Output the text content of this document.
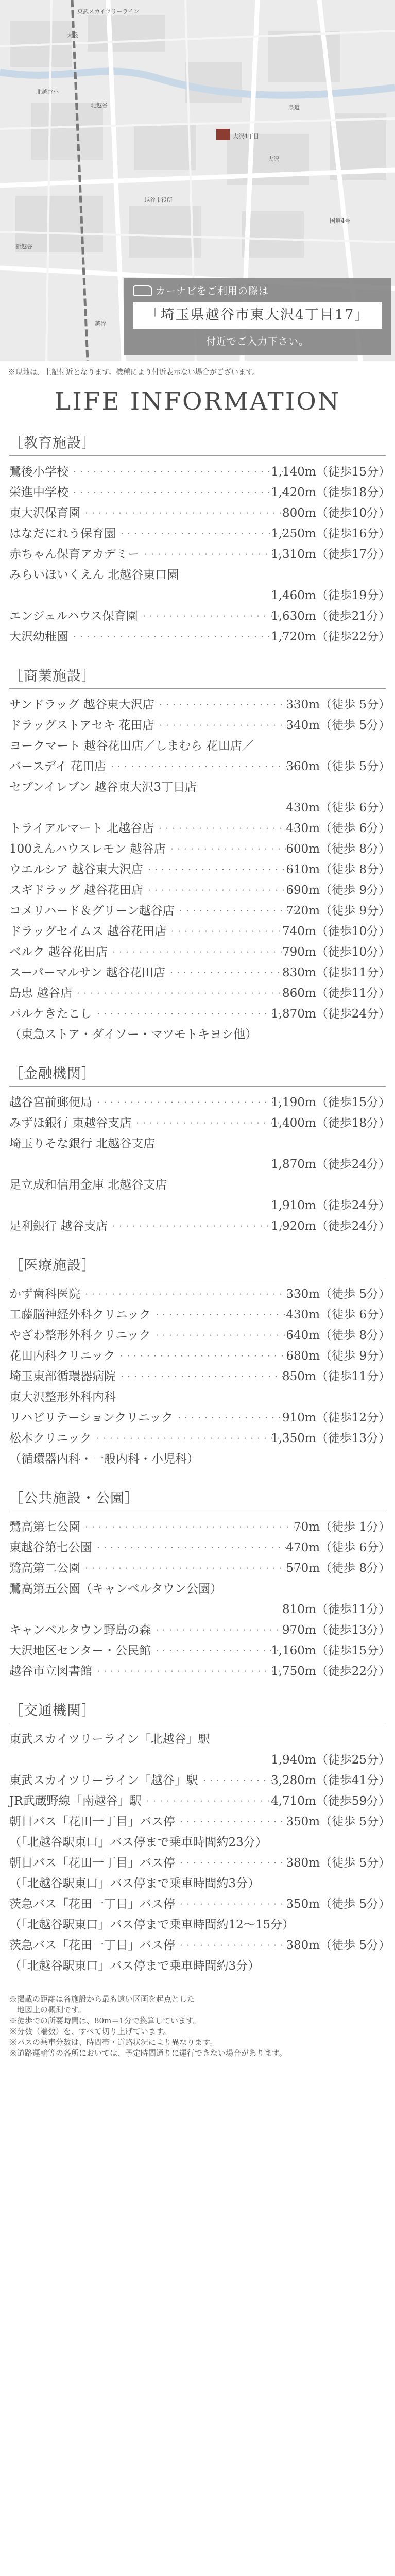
東武スカイツリーライン
北越谷
越谷
大沢
新越谷
北越谷小
大袋
県道
国道4号
越谷市役所
大沢4丁目
カーナビをご利用の際は
「埼玉県越谷市東大沢4丁目17」
付近でご入力下さい。
※現地は、上記付近となります。機種により付近表示ない場合がございます。
LIFE INFORMATION
［教育施設］
鷺後小学校	1,140m（徒歩15分）
・・・・・・・・・・・・・・・・・・・・・・・・・・・・・・・・
栄進中学校	1,420m（徒歩18分）
・・・・・・・・・・・・・・・・・・・・・・・・・・・・・・・・
東大沢保育園	800m（徒歩10分）
・・・・・・・・・・・・・・・・・・・・・・・・・・・・・・・・
はなだにれう保育園	1,250m（徒歩16分）
・・・・・・・・・・・・・・・・・・・・・・・・・
赤ちゃん保育アカデミー	1,310m（徒歩17分）
・・・・・・・・・・・・・・・・・・・・・
みらいほいくえん 北越谷東口園
1,460m（徒歩19分）
エンジェルハウス保育園	1,630m（徒歩21分）
・・・・・・・・・・・・・・・・・・・・・
大沢幼稚園	1,720m（徒歩22分）
・・・・・・・・・・・・・・・・・・・・・・・・・・・・・・・・
［商業施設］
サンドラッグ 越谷東大沢店	330m（徒歩 5分）
・・・・・・・・・・・・・・・・・・・・・
ドラッグストアセキ 花田店	340m（徒歩 5分）
・・・・・・・・・・・・・・・・・・・・・
ヨークマート 越谷花田店／しまむら 花田店／
バースデイ 花田店	360m（徒歩 5分）
・・・・・・・・・・・・・・・・・・・・・・・・・・・・・
セブンイレブン 越谷東大沢3丁目店
430m（徒歩 6分）
トライアルマート 北越谷店	430m（徒歩 6分）
・・・・・・・・・・・・・・・・・・・・・
100えんハウスレモン 越谷店	600m（徒歩 8分）
・・・・・・・・・・・・・・・・・・・
ウエルシア 越谷東大沢店	610m（徒歩 8分）
・・・・・・・・・・・・・・・・・・・・・・・
スギドラッグ 越谷花田店	690m（徒歩 9分）
・・・・・・・・・・・・・・・・・・・・・・・
コメリハード＆グリーン越谷店	720m（徒歩 9分）
・・・・・・・・・・・・・・・・・・
ドラッグセイムス 越谷花田店	740m（徒歩10分）
・・・・・・・・・・・・・・・・・・
ベルク 越谷花田店	790m（徒歩10分）
・・・・・・・・・・・・・・・・・・・・・・・・・・・・
スーパーマルサン 越谷花田店	830m（徒歩11分）
・・・・・・・・・・・・・・・・・・
島忠 越谷店	860m（徒歩11分）
・・・・・・・・・・・・・・・・・・・・・・・・・・・・・・・・・・
パルケきたこし	1,870m（徒歩24分）
・・・・・・・・・・・・・・・・・・・・・・・・・・・・
（東急ストア・ダイソー・マツモトキヨシ他）
［金融機関］
越谷宮前郵便局	1,190m（徒歩15分）
・・・・・・・・・・・・・・・・・・・・・・・・・・・・
みずほ銀行 東越谷支店	1,400m（徒歩18分）
・・・・・・・・・・・・・・・・・・・・・・
埼玉りそな銀行 北越谷支店
1,870m（徒歩24分）
足立成和信用金庫 北越谷支店
1,910m（徒歩24分）
足利銀行 越谷支店	1,920m（徒歩24分）
・・・・・・・・・・・・・・・・・・・・・・・・・・
［医療施設］
かず歯科医院	330m（徒歩 5分）
・・・・・・・・・・・・・・・・・・・・・・・・・・・・・・・・・
工藤脳神経外科クリニック	430m（徒歩 6分）
・・・・・・・・・・・・・・・・・・・・・
やざわ整形外科クリニック	640m（徒歩 8分）
・・・・・・・・・・・・・・・・・・・・・
花田内科クリニック	680m（徒歩 9分）
・・・・・・・・・・・・・・・・・・・・・・・・・・・
埼玉東部循環器病院	850m（徒歩11分）
・・・・・・・・・・・・・・・・・・・・・・・・・・
東大沢整形外科内科
リハビリテーションクリニック	910m（徒歩12分）
・・・・・・・・・・・・・・・・・
松本クリニック	1,350m（徒歩13分）
・・・・・・・・・・・・・・・・・・・・・・・・・・・・・
（循環器内科・一般内科・小児科）
［公共施設・公園］
鷺高第七公園	70m（徒歩 1分）
・・・・・・・・・・・・・・・・・・・・・・・・・・・・・・・・・・
東越谷第七公園	470m（徒歩 6分）
・・・・・・・・・・・・・・・・・・・・・・・・・・・・・・・
鷺高第二公園	570m（徒歩 8分）
・・・・・・・・・・・・・・・・・・・・・・・・・・・・・・・・・
鷺高第五公園（キャンベルタウン公園）
810m（徒歩11分）
キャンベルタウン野島の森	970m（徒歩13分）
・・・・・・・・・・・・・・・・・・・・・
大沢地区センター・公民館	1,160m（徒歩15分）
・・・・・・・・・・・・・・・・・・・
越谷市立図書館	1,750m（徒歩22分）
・・・・・・・・・・・・・・・・・・・・・・・・・・・・
［交通機関］
東武スカイツリーライン「北越谷」駅
1,940m（徒歩25分）
東武スカイツリーライン「越谷」駅	3,280m（徒歩41分）
・・・・・・・・・・・
JR武蔵野線「南越谷」駅	4,710m（徒歩59分）
・・・・・・・・・・・・・・・・・・・・
朝日バス「花田一丁目」バス停	350m（徒歩 5分）
・・・・・・・・・・・・・・・・・
（「北越谷駅東口」バス停まで乗車時間約23分）
朝日バス「花田一丁目」バス停	380m（徒歩 5分）
・・・・・・・・・・・・・・・・・
（「北越谷駅東口」バス停まで乗車時間約3分）
茨急バス「花田一丁目」バス停	350m（徒歩 5分）
・・・・・・・・・・・・・・・・・
（「北越谷駅東口」バス停まで乗車時間約12〜15分）
茨急バス「花田一丁目」バス停	380m（徒歩 5分）
・・・・・・・・・・・・・・・・・
（「北越谷駅東口」バス停まで乗車時間約3分）
※掲載の距離は各施設から最も遠い区画を起点とした
　地図上の概測です。
※徒歩での所要時間は、80m＝1分で換算しています。
※分数（端数）を、すべて切り上げています。
※バスの乗車分数は、時間帯・道路状況により異なります。
※道路運輸等の各所においては、予定時間通りに運行できない場合があります。
